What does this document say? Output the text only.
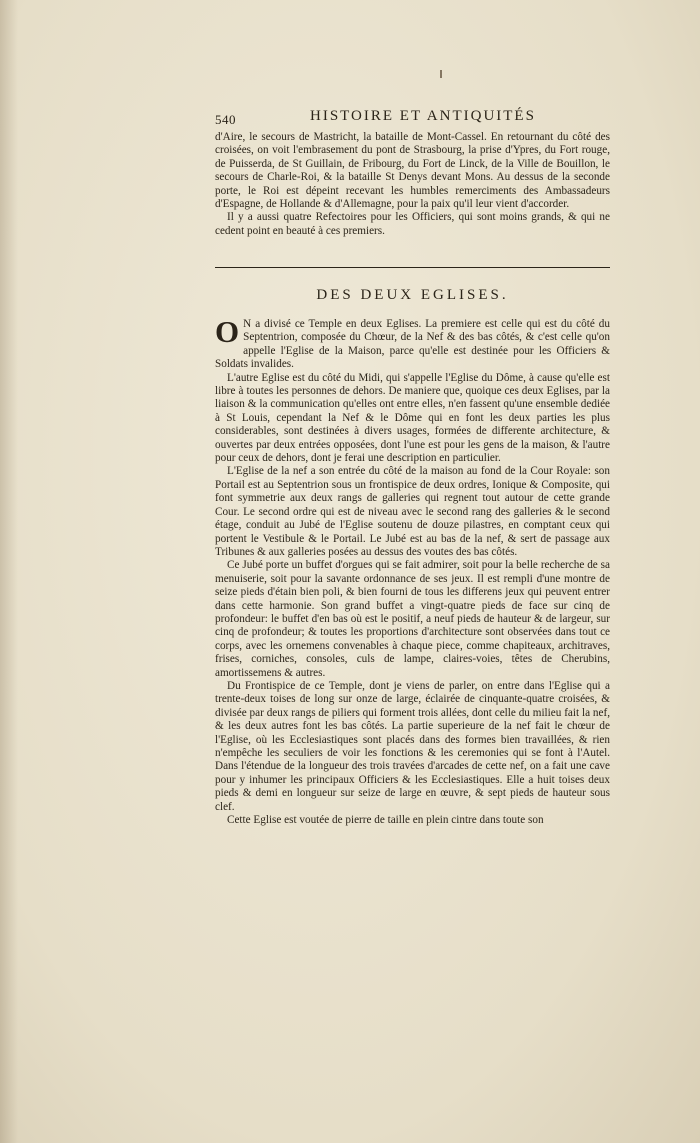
540	HISTOIRE ET ANTIQUITÉS

d'Aire, le secours de Mastricht, la bataille de Mont-Cassel. En retournant du côté des croisées, on voit l'embrasement du pont de Strasbourg, la prise d'Ypres, du Fort rouge, de Puisserda, de St Guillain, de Fribourg, du Fort de Linck, de la Ville de Bouillon, le secours de Charle-Roi, & la bataille St Denys devant Mons. Au dessus de la seconde porte, le Roi est dépeint recevant les humbles remerciments des Ambassadeurs d'Espagne, de Hollande & d'Allemagne, pour la paix qu'il leur vient d'accorder.

Il y a aussi quatre Refectoires pour les Officiers, qui sont moins grands, & qui ne cedent point en beauté à ces premiers.

DES DEUX EGLISES.

O N a divisé ce Temple en deux Eglises. La premiere est celle qui est du côté du Septentrion, composée du Chœur, de la Nef & des bas côtés, & c'est celle qu'on appelle l'Eglise de la Maison, parce qu'elle est destinée pour les Officiers & Soldats invalides.

L'autre Eglise est du côté du Midi, qui s'appelle l'Eglise du Dôme, à cause qu'elle est libre à toutes les personnes de dehors. De maniere que, quoique ces deux Eglises, par la liaison & la communication qu'elles ont entre elles, n'en fassent qu'une ensemble dediée à St Louis, cependant la Nef & le Dôme qui en font les deux parties les plus considerables, sont destinées à divers usages, formées de differente architecture, & ouvertes par deux entrées opposées, dont l'une est pour les gens de la maison, & l'autre pour ceux de dehors, dont je ferai une description en particulier.

L'Eglise de la nef a son entrée du côté de la maison au fond de la Cour Royale: son Portail est au Septentrion sous un frontispice de deux ordres, Ionique & Composite, qui font symmetrie aux deux rangs de galleries qui regnent tout autour de cette grande Cour. Le second ordre qui est de niveau avec le second rang des galleries & le second étage, conduit au Jubé de l'Eglise soutenu de douze pilastres, en comptant ceux qui portent le Vestibule & le Portail. Le Jubé est au bas de la nef, & sert de passage aux Tribunes & aux galleries posées au dessus des voutes des bas côtés.

Ce Jubé porte un buffet d'orgues qui se fait admirer, soit pour la belle recherche de sa menuiserie, soit pour la savante ordonnance de ses jeux. Il est rempli d'une montre de seize pieds d'étain bien poli, & bien fourni de tous les differens jeux qui peuvent entrer dans cette harmonie. Son grand buffet a vingt-quatre pieds de face sur cinq de profondeur: le buffet d'en bas où est le positif, a neuf pieds de hauteur & de largeur, sur cinq de profondeur; & toutes les proportions d'architecture sont observées dans tout ce corps, avec les ornemens convenables à chaque piece, comme chapiteaux, architraves, frises, corniches, consoles, culs de lampe, claires-voies, têtes de Cherubins, amortissemens & autres.

Du Frontispice de ce Temple, dont je viens de parler, on entre dans l'Eglise qui a trente-deux toises de long sur onze de large, éclairée de cinquante-quatre croisées, & divisée par deux rangs de piliers qui forment trois allées, dont celle du milieu fait la nef, & les deux autres font les bas côtés. La partie superieure de la nef fait le chœur de l'Eglise, où les Ecclesiastiques sont placés dans des formes bien travaillées, & rien n'empêche les seculiers de voir les fonctions & les ceremonies qui se font à l'Autel. Dans l'étendue de la longueur des trois travées d'arcades de cette nef, on a fait une cave pour y inhumer les principaux Officiers & les Ecclesiastiques. Elle a huit toises deux pieds & demi en longueur sur seize de large en œuvre, & sept pieds de hauteur sous clef.

Cette Eglise est voutée de pierre de taille en plein cintre dans toute son
